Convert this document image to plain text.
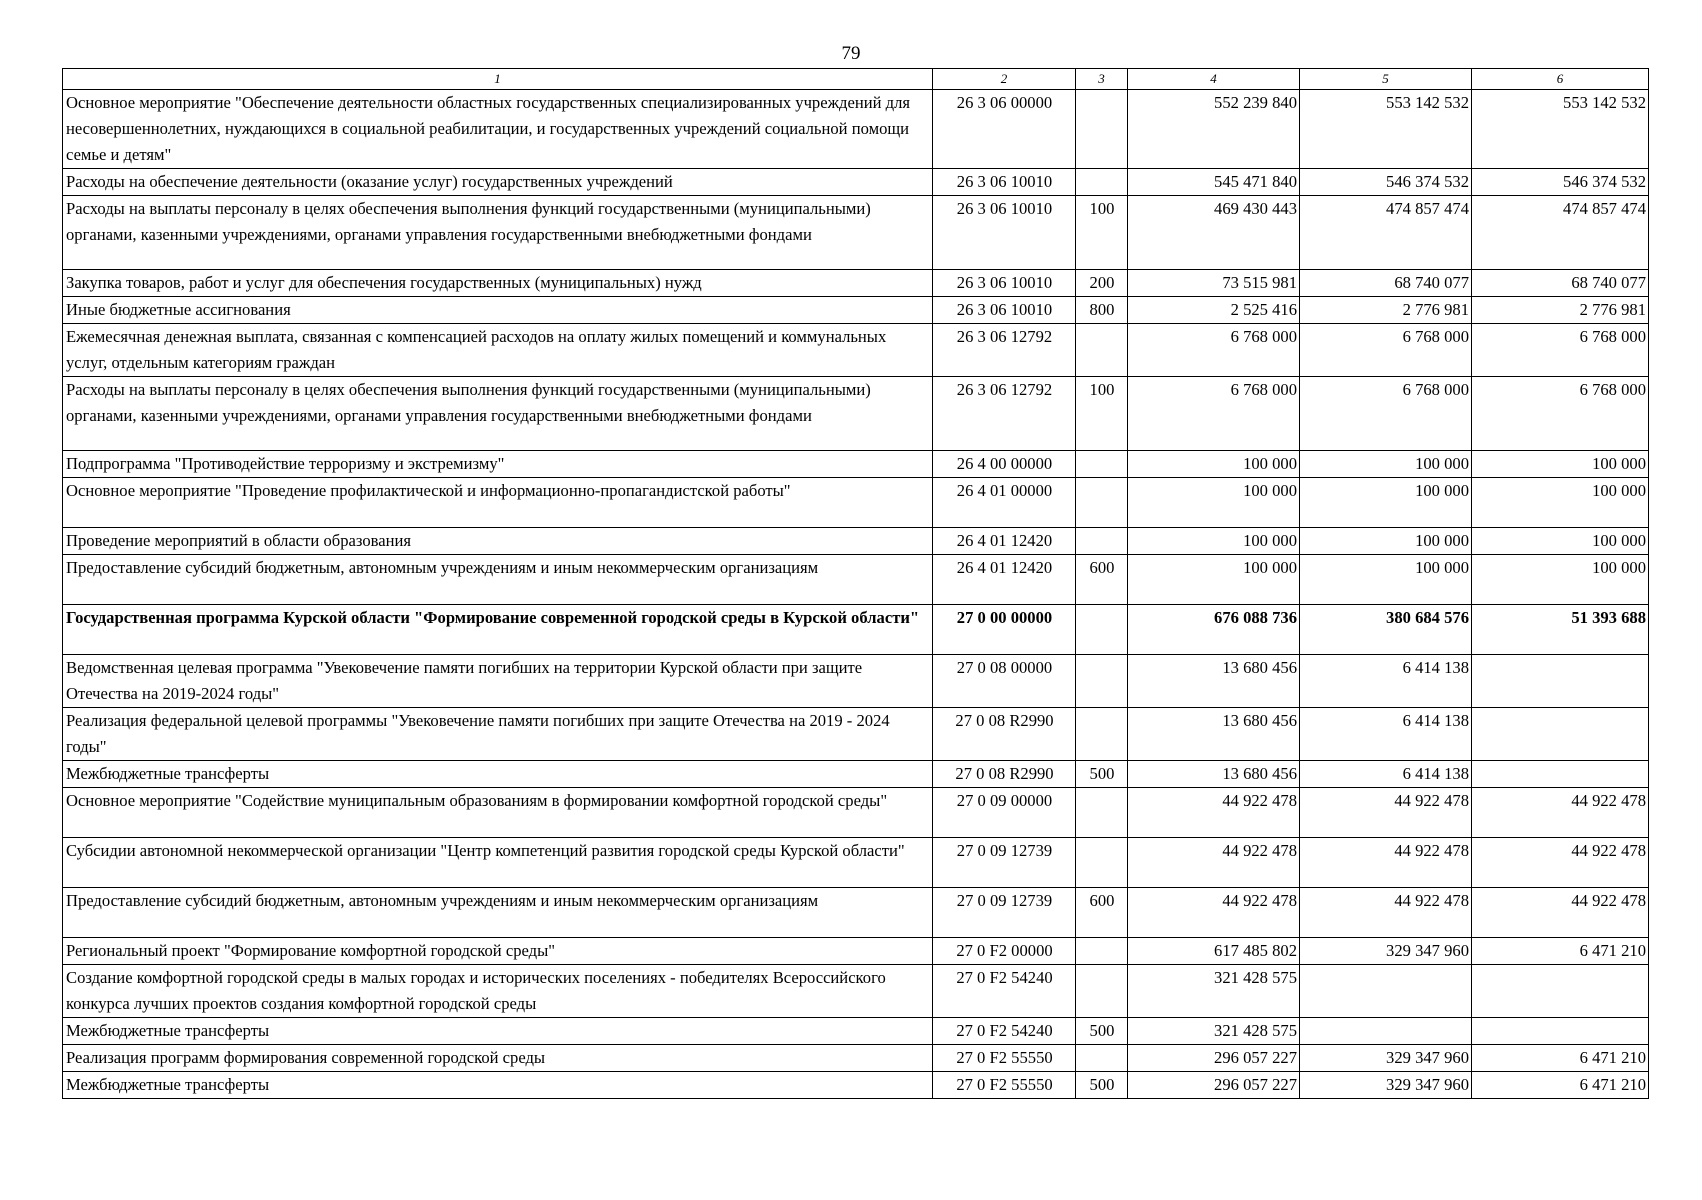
79
1	2	3	4	5	6
Основное мероприятие "Обеспечение деятельности областных государственных специализированных учреждений для несовершеннолетних, нуждающихся в социальной реабилитации, и государственных учреждений социальной помощи семье и детям"	26 3 06 00000		552 239 840	553 142 532	553 142 532
Расходы на обеспечение деятельности (оказание услуг) государственных учреждений	26 3 06 10010		545 471 840	546 374 532	546 374 532
Расходы на выплаты персоналу в целях обеспечения выполнения функций государственными (муниципальными) органами, казенными учреждениями, органами управления государственными внебюджетными фондами	26 3 06 10010	100	469 430 443	474 857 474	474 857 474
Закупка товаров, работ и услуг для обеспечения государственных (муниципальных) нужд	26 3 06 10010	200	73 515 981	68 740 077	68 740 077
Иные бюджетные ассигнования	26 3 06 10010	800	2 525 416	2 776 981	2 776 981
Ежемесячная денежная выплата, связанная с компенсацией расходов на оплату жилых помещений и коммунальных услуг, отдельным категориям граждан	26 3 06 12792		6 768 000	6 768 000	6 768 000
Расходы на выплаты персоналу в целях обеспечения выполнения функций государственными (муниципальными) органами, казенными учреждениями, органами управления государственными внебюджетными фондами	26 3 06 12792	100	6 768 000	6 768 000	6 768 000
Подпрограмма "Противодействие терроризму и экстремизму"	26 4 00 00000		100 000	100 000	100 000
Основное мероприятие "Проведение профилактической и информационно-пропагандистской работы"	26 4 01 00000		100 000	100 000	100 000
Проведение мероприятий в области образования	26 4 01 12420		100 000	100 000	100 000
Предоставление субсидий бюджетным, автономным учреждениям и иным некоммерческим организациям	26 4 01 12420	600	100 000	100 000	100 000
Государственная программа Курской области "Формирование современной городской среды в Курской области"	27 0 00 00000		676 088 736	380 684 576	51 393 688
Ведомственная целевая программа "Увековечение памяти погибших на территории Курской области при защите Отечества на 2019-2024 годы"	27 0 08 00000		13 680 456	6 414 138	
Реализация федеральной целевой программы "Увековечение памяти погибших при защите Отечества на 2019 - 2024 годы"	27 0 08 R2990		13 680 456	6 414 138	
Межбюджетные трансферты	27 0 08 R2990	500	13 680 456	6 414 138	
Основное мероприятие "Содействие муниципальным образованиям в формировании комфортной городской среды"	27 0 09 00000		44 922 478	44 922 478	44 922 478
Субсидии автономной некоммерческой организации "Центр компетенций развития городской среды Курской области"	27 0 09 12739		44 922 478	44 922 478	44 922 478
Предоставление субсидий бюджетным, автономным учреждениям и иным некоммерческим организациям	27 0 09 12739	600	44 922 478	44 922 478	44 922 478
Региональный проект "Формирование комфортной городской среды"	27 0 F2 00000		617 485 802	329 347 960	6 471 210
Создание комфортной городской среды в малых городах и исторических поселениях - победителях Всероссийского конкурса лучших проектов создания комфортной городской среды	27 0 F2 54240		321 428 575		
Межбюджетные трансферты	27 0 F2 54240	500	321 428 575		
Реализация программ формирования современной городской среды	27 0 F2 55550		296 057 227	329 347 960	6 471 210
Межбюджетные трансферты	27 0 F2 55550	500	296 057 227	329 347 960	6 471 210
